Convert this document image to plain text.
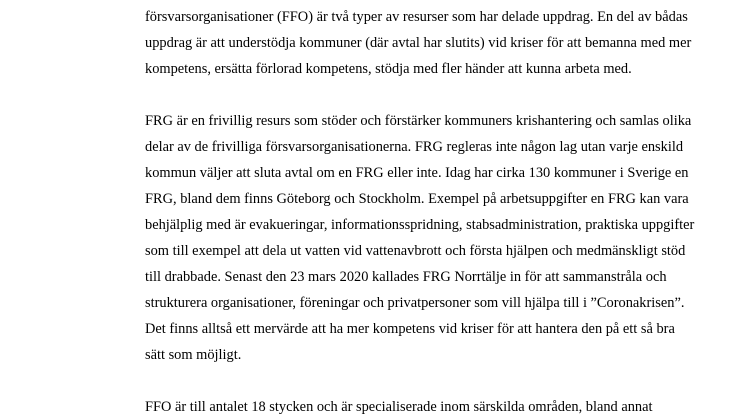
försvarsorganisationer (FFO) är två typer av resurser som har delade uppdrag. En del av bådas
uppdrag är att understödja kommuner (där avtal har slutits) vid kriser för att bemanna med mer
kompetens, ersätta förlorad kompetens, stödja med fler händer att kunna arbeta med.

FRG är en frivillig resurs som stöder och förstärker kommuners krishantering och samlas olika
delar av de frivilliga försvarsorganisationerna. FRG regleras inte någon lag utan varje enskild
kommun väljer att sluta avtal om en FRG eller inte. Idag har cirka 130 kommuner i Sverige en
FRG, bland dem finns Göteborg och Stockholm. Exempel på arbetsuppgifter en FRG kan vara
behjälplig med är evakueringar, informationsspridning, stabsadministration, praktiska uppgifter
som till exempel att dela ut vatten vid vattenavbrott och första hjälpen och medmänskligt stöd
till drabbade. Senast den 23 mars 2020 kallades FRG Norrtälje in för att sammanstråla och
strukturera organisationer, föreningar och privatpersoner som vill hjälpa till i ”Coronakrisen”.
Det finns alltså ett mervärde att ha mer kompetens vid kriser för att hantera den på ett så bra
sätt som möjligt.

FFO är till antalet 18 stycken och är specialiserade inom särskilda områden, bland annat
